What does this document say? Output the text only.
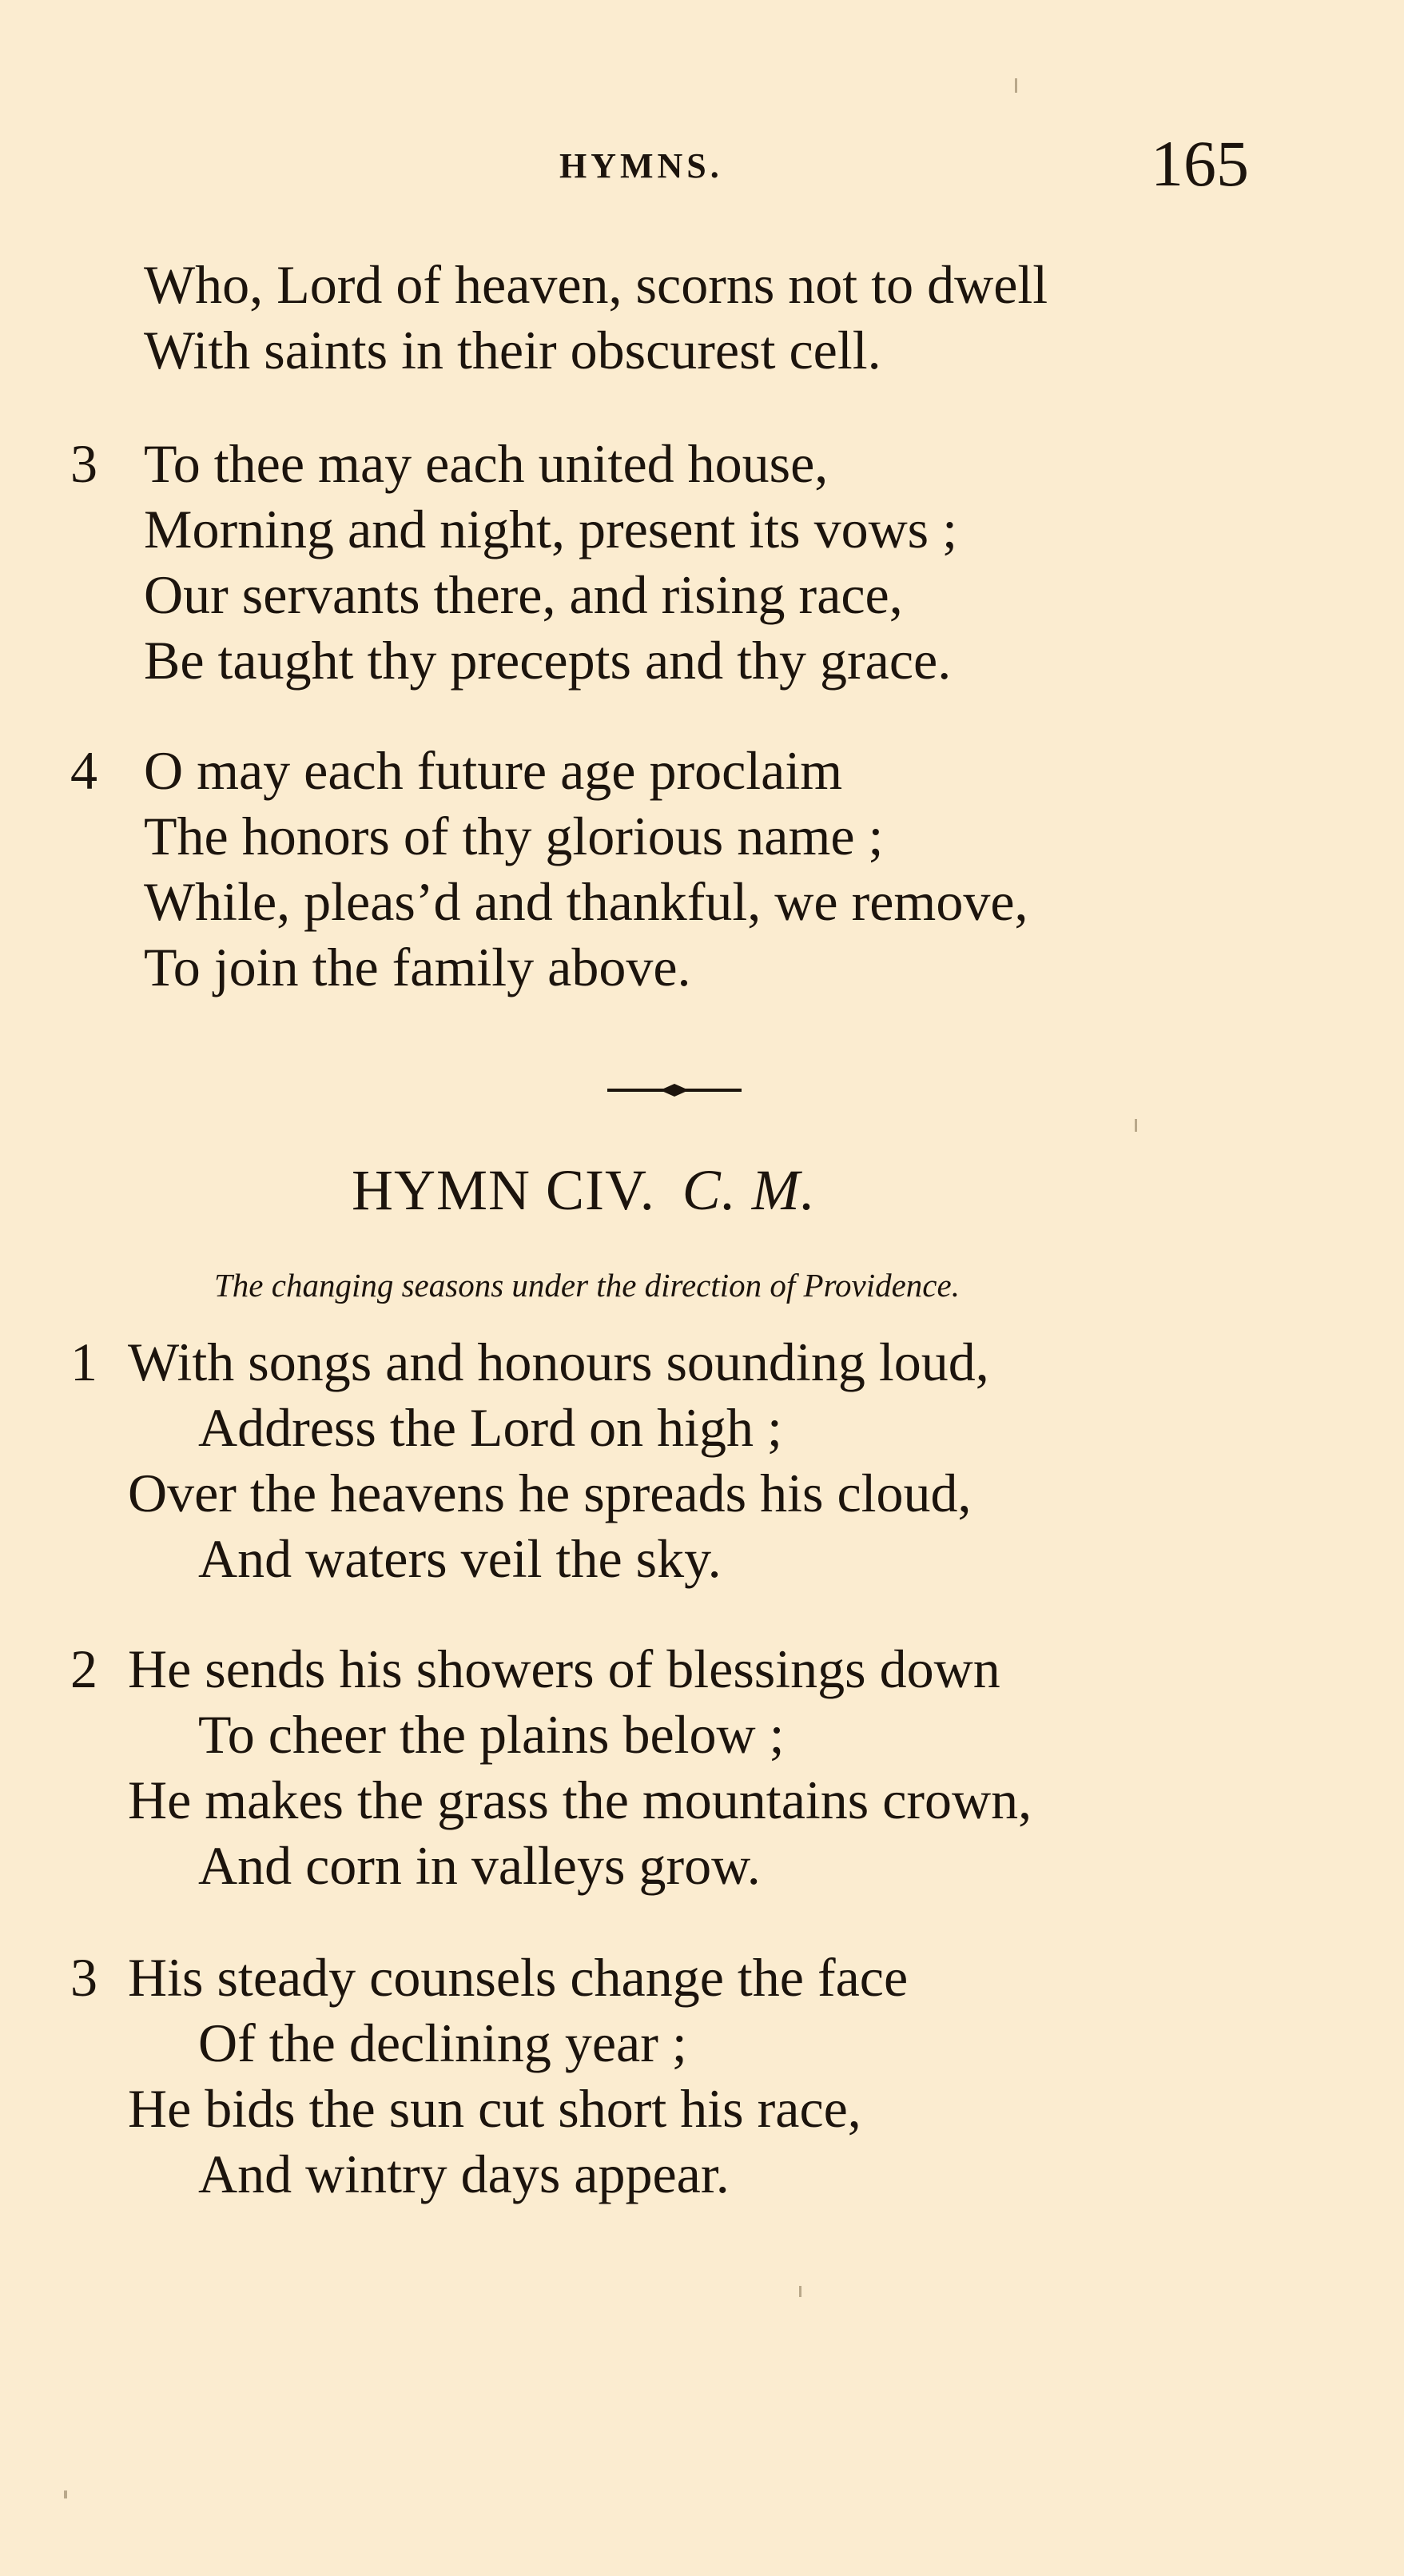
HYMNS.	165
Who, Lord of heaven, scorns not to dwell
With saints in their obscurest cell.
3 To thee may each united house,
Morning and night, present its vows ;
Our servants there, and rising race,
Be taught thy precepts and thy grace.
4 O may each future age proclaim
The honors of thy glorious name ;
While, pleas’d and thankful, we remove,
To join the family above.
HYMN CIV. C. M.
The changing seasons under the direction of Providence.
1 With songs and honours sounding loud,
Address the Lord on high ;
Over the heavens he spreads his cloud,
And waters veil the sky.
2 He sends his showers of blessings down
To cheer the plains below ;
He makes the grass the mountains crown,
And corn in valleys grow.
3 His steady counsels change the face
Of the declining year ;
He bids the sun cut short his race,
And wintry days appear.
